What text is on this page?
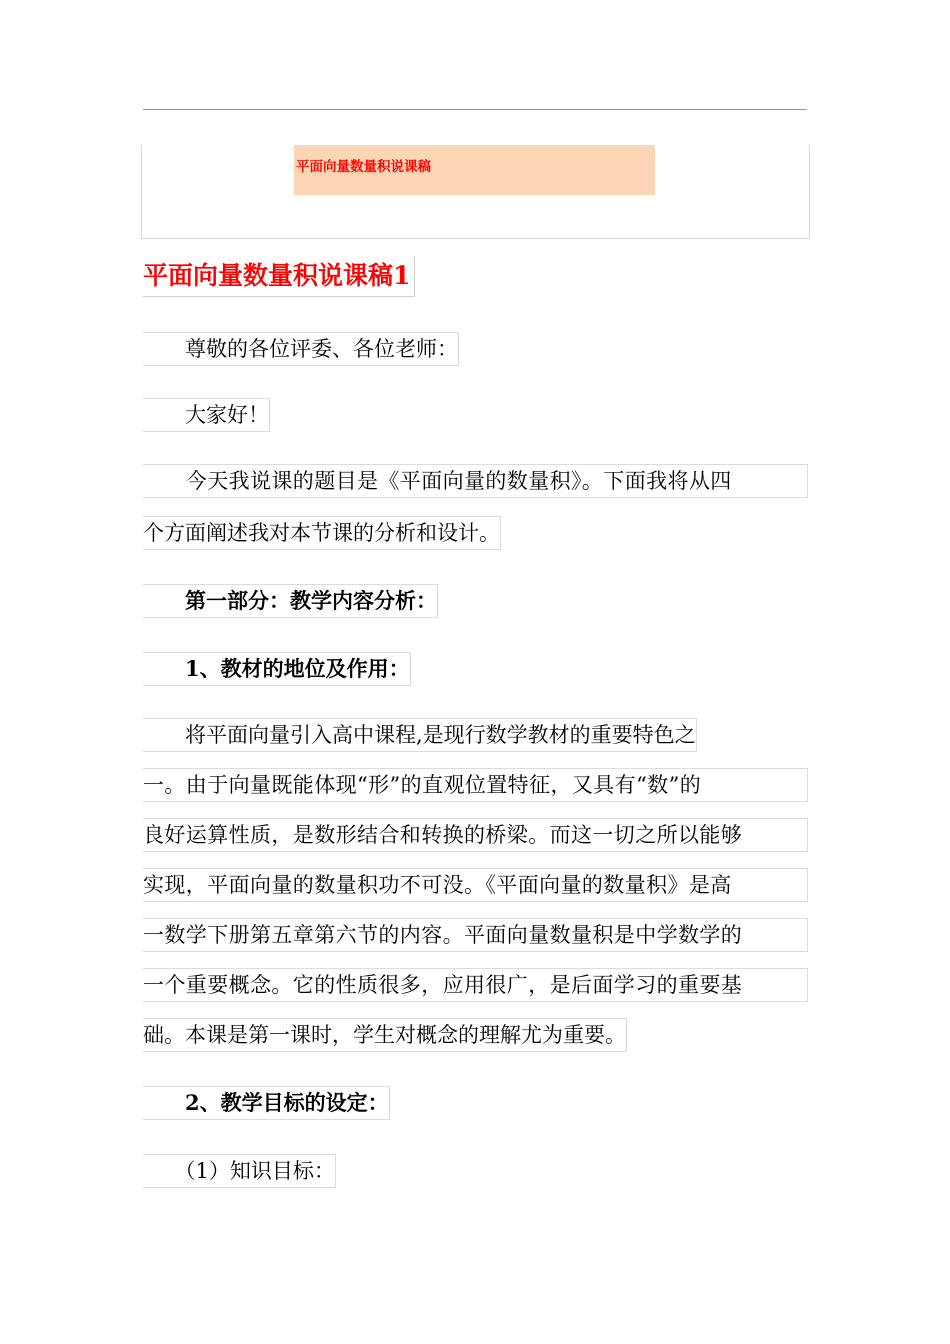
平面向量数量积说课稿
平面向量数量积说课稿1
　　尊敬的各位评委、各位老师：
　　大家好！
　　今天我说课的题目是《平面向量的数量积》。下面我将从四
个方面阐述我对本节课的分析和设计。
　　第一部分：教学内容分析：
　　1、教材的地位及作用：
　　将平面向量引入高中课程,是现行数学教材的重要特色之
一。由于向量既能体现“形”的直观位置特征，又具有“数”的
良好运算性质，是数形结合和转换的桥梁。而这一切之所以能够
实现，平面向量的数量积功不可没。《平面向量的数量积》是高
一数学下册第五章第六节的内容。平面向量数量积是中学数学的
一个重要概念。它的性质很多，应用很广，是后面学习的重要基
础。本课是第一课时，学生对概念的理解尤为重要。
　　2、教学目标的设定：
　　（1）知识目标：
